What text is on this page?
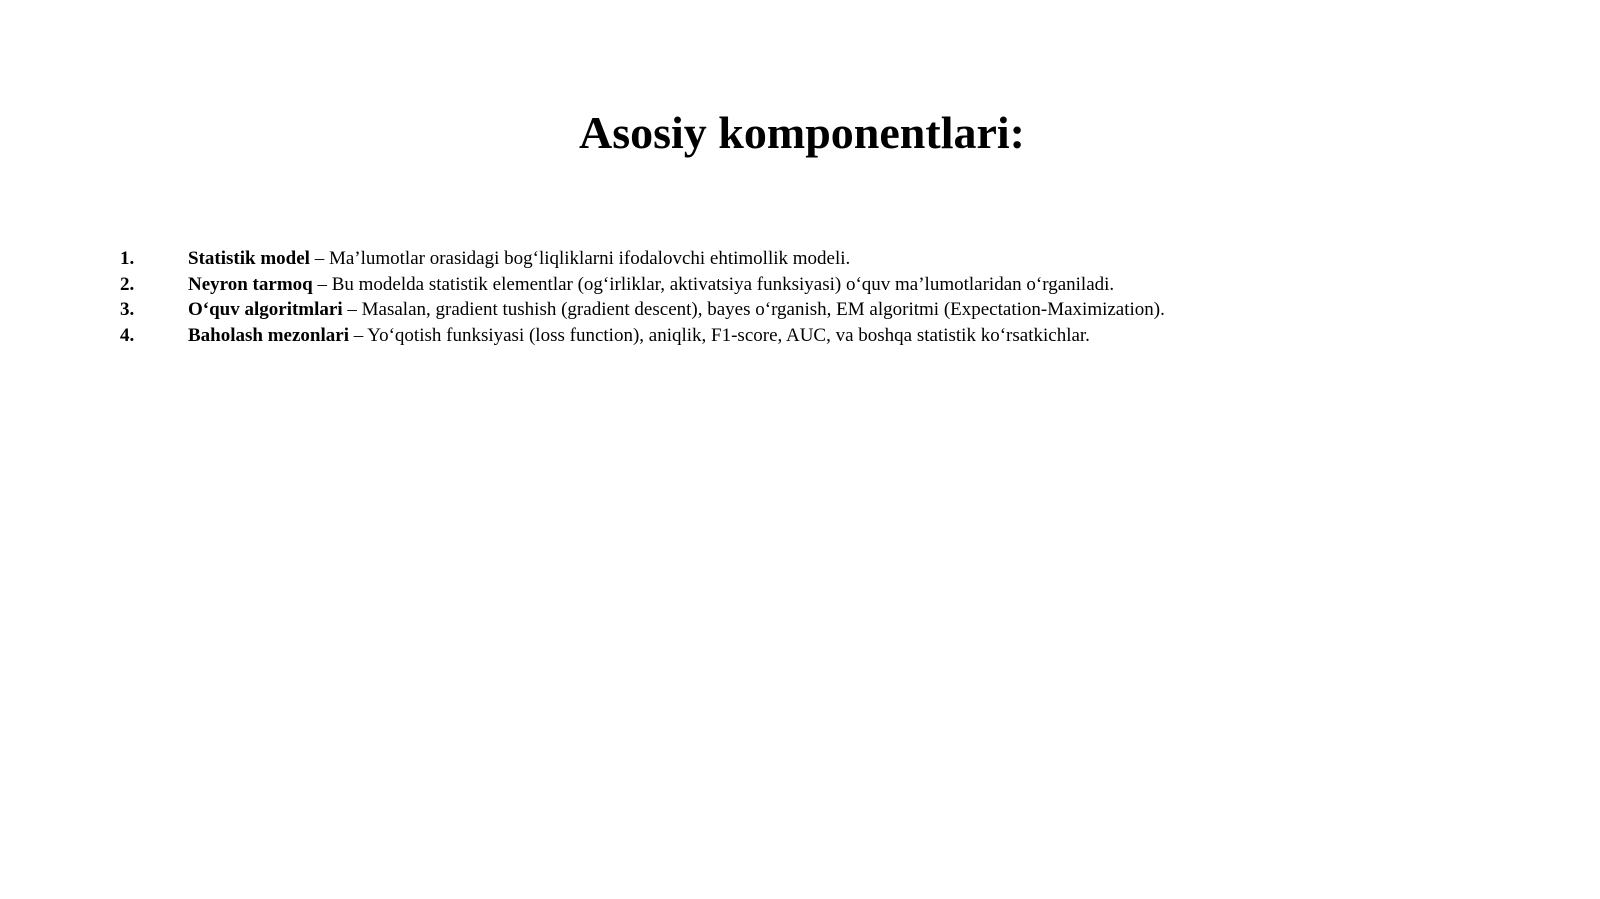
Asosiy komponentlari:
1.	Statistik model – Ma’lumotlar orasidagi bog‘liqliklarni ifodalovchi ehtimollik modeli.
2.	Neyron tarmoq – Bu modelda statistik elementlar (og‘irliklar, aktivatsiya funksiyasi) o‘quv ma’lumotlaridan o‘rganiladi.
3.	O‘quv algoritmlari – Masalan, gradient tushish (gradient descent), bayes o‘rganish, EM algoritmi (Expectation-Maximization).
4.	Baholash mezonlari – Yo‘qotish funksiyasi (loss function), aniqlik, F1-score, AUC, va boshqa statistik ko‘rsatkichlar.
